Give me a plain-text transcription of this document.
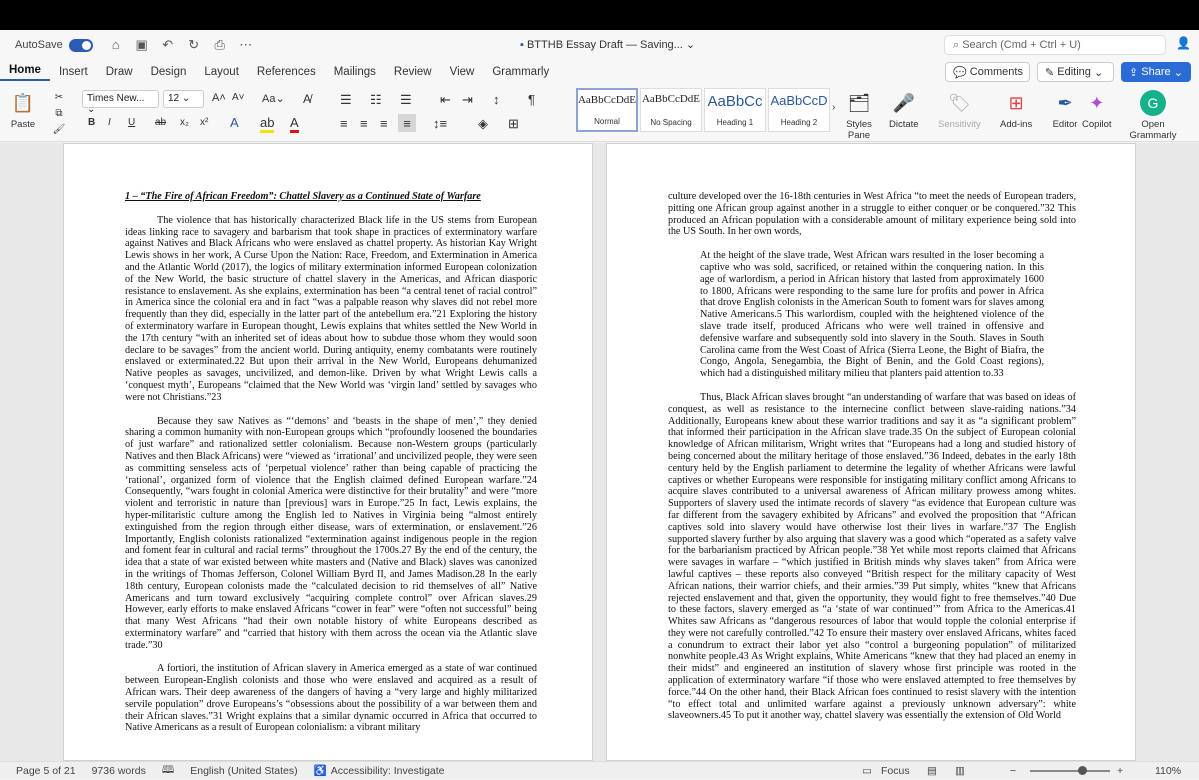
AutoSave	⌂	▣ ↶ ↻ ⎙ ⋯	▪ BTTHB Essay Draft — Saving... ⌄	⌕ Search (Cmd + Ctrl + U)	👤
Home	Insert	Draw	Design	Layout	References	Mailings	Review	View	Grammarly	💬 Comments ✎ Editing ⌄	⇪ Share ⌄
📋
Paste
✂
⧉
🖌
Times New... ⌄
12 ⌄	A˄ A˅ Aa⌄ A̸
B I U ab x₂ x² A ab A
☰ ☷ ☰ ⇤ ⇥ ↕ ¶
≡ ≡ ≡	≡	↕≡ ◈ ⊞
AaBbCcDdE
Normal
AaBbCcDdE
No Spacing
AaBbCc
Heading 1
AaBbCcD
Heading 2
› 🗂
Styles Pane
🎤
Dictate
🏷
Sensitivity
⊞
Add-ins
✒
Editor
✦
Copilot
G
Open Grammarly

1 – “The Fire of African Freedom”: Chattel Slavery as a Continued State of Warfare

The violence that has historically characterized Black life in the US stems from European ideas linking race to savagery and barbarism that took shape in practices of exterminatory warfare against Natives and Black Africans who were enslaved as chattel property. As historian Kay Wright Lewis shows in her work, A Curse Upon the Nation: Race, Freedom, and Extermination in America and the Atlantic World (2017), the logics of military extermination informed European colonization of the New World, the basic structure of chattel slavery in the Americas, and African diasporic resistance to enslavement. As she explains, extermination has been “a central tenet of racial control” in America since the colonial era and in fact “was a palpable reason why slaves did not rebel more frequently than they did, especially in the latter part of the antebellum era.”21 Exploring the history of exterminatory warfare in European thought, Lewis explains that whites settled the New World in the 17th century “with an inherited set of ideas about how to subdue those whom they would soon declare to be savages” from the ancient world. During antiquity, enemy combatants were routinely enslaved or exterminated.22 But upon their arrival in the New World, Europeans dehumanized Native peoples as savages, uncivilized, and demon-like. Driven by what Wright Lewis calls a ‘conquest myth’, Europeans “claimed that the New World was ‘virgin land’ settled by savages who were not Christians.”23

Because they saw Natives as “‘demons’ and ‘beasts in the shape of men’,” they denied sharing a common humanity with non-European groups which “profoundly loosened the boundaries of just warfare” and rationalized settler colonialism. Because non-Western groups (particularly Natives and then Black Africans) were “viewed as ‘irrational’ and uncivilized people, they were seen as committing senseless acts of ‘perpetual violence’ rather than being capable of practicing the ‘rational’, organized form of violence that the English claimed defined European warfare.”24 Consequently, “wars fought in colonial America were distinctive for their brutality” and were “more violent and terroristic in nature than [previous] wars in Europe.”25 In fact, Lewis explains, the hyper-militaristic culture among the English led to Natives in Virginia being “almost entirely extinguished from the region through either disease, wars of extermination, or enslavement.”26 Importantly, English colonists rationalized “extermination against indigenous people in the region and foment fear in cultural and racial terms” throughout the 1700s.27 By the end of the century, the idea that a state of war existed between white masters and (Native and Black) slaves was canonized in the writings of Thomas Jefferson, Colonel William Byrd II, and James Madison.28 In the early 18th century, European colonists made the “calculated decision to rid themselves of all” Native Americans and turn toward exclusively “acquiring complete control” over African slaves.29 However, early efforts to make enslaved Africans “cower in fear” were “often not successful” being that many West Africans “had their own notable history of white Europeans described as exterminatory warfare” and “carried that history with them across the ocean via the Atlantic slave trade.”30

A fortiori, the institution of African slavery in America emerged as a state of war continued between European-English colonists and those who were enslaved and acquired as a result of African wars. Their deep awareness of the dangers of having a “very large and highly militarized servile population” drove Europeans’s “obsessions about the possibility of a war between them and their African slaves.”31 Wright explains that a similar dynamic occurred in Africa that occurred to Native Americans as a result of European colonialism: a vibrant military

culture developed over the 16-18th centuries in West Africa “to meet the needs of European traders, pitting one African group against another in a struggle to either conquer or be conquered.”32 This produced an African population with a considerable amount of military experience being sold into the US South. In her own words,

At the height of the slave trade, West African wars resulted in the loser becoming a captive who was sold, sacrificed, or retained within the conquering nation. In this age of warlordism, a period in African history that lasted from approximately 1600 to 1800, Africans were responding to the same lure for profits and power in Africa that drove English colonists in the American South to foment wars for slaves among Native Americans.5 This warlordism, coupled with the heightened violence of the slave trade itself, produced Africans who were well trained in offensive and defensive warfare and subsequently sold into slavery in the South. Slaves in South Carolina came from the West Coast of Africa (Sierra Leone, the Bight of Biafra, the Congo, Angola, Senegambia, the Bight of Benin, and the Gold Coast regions), which had a distinguished military milieu that planters paid attention to.33

Thus, Black African slaves brought “an understanding of warfare that was based on ideas of conquest, as well as resistance to the internecine conflict between slave-raiding nations.”34 Additionally, Europeans knew about these warrior traditions and say it as “a significant problem” that informed their participation in the African slave trade.35 On the subject of European colonial knowledge of African militarism, Wright writes that “Europeans had a long and studied history of being concerned about the military heritage of those enslaved.”36 Indeed, debates in the early 18th century held by the English parliament to determine the legality of whether Africans were lawful captives or whether Europeans were responsible for instigating military conflict among Africans to acquire slaves contributed to a universal awareness of African military prowess among whites. Supporters of slavery used the intimate records of slavery “as evidence that European culture was far different from the savagery exhibited by Africans” and evolved the proposition that “African captives sold into slavery would have otherwise lost their lives in warfare.”37 The English supported slavery further by also arguing that slavery was a good which “operated as a safety valve for the barbarianism practiced by African people.”38 Yet while most reports claimed that Africans were savages in warfare – “which justified in British minds why slaves taken” from Africa were lawful captives – these reports also conveyed “British respect for the military capacity of West African nations, their warrior chiefs, and their armies.”39 Put simply, whites “knew that Africans rejected enslavement and that, given the opportunity, they would fight to free themselves.”40 Due to these factors, slavery emerged as “a ‘state of war continued’” from Africa to the Americas.41 Whites saw Africans as “dangerous resources of labor that would topple the colonial enterprise if they were not carefully controlled.”42 To ensure their mastery over enslaved Africans, whites faced a conundrum to extract their labor yet also “control a burgeoning population” of militarized nonwhite people.43 As Wright explains, White Americans “knew that they had placed an enemy in their midst” and engineered an institution of slavery whose first principle was rooted in the application of exterminatory warfare “if those who were enslaved attempted to free themselves by force.”44 On the other hand, their Black African foes continued to resist slavery with the intention “to effect total and unlimited warfare against a previously unknown adversary”: white slaveowners.45 To put it another way, chattel slavery was essentially the extension of Old World

Page 5 of 21 9736 words 🕮 English (United States) ♿ Accessibility: Investigate	▭ Focus ▤ ▥	−	+	110%
